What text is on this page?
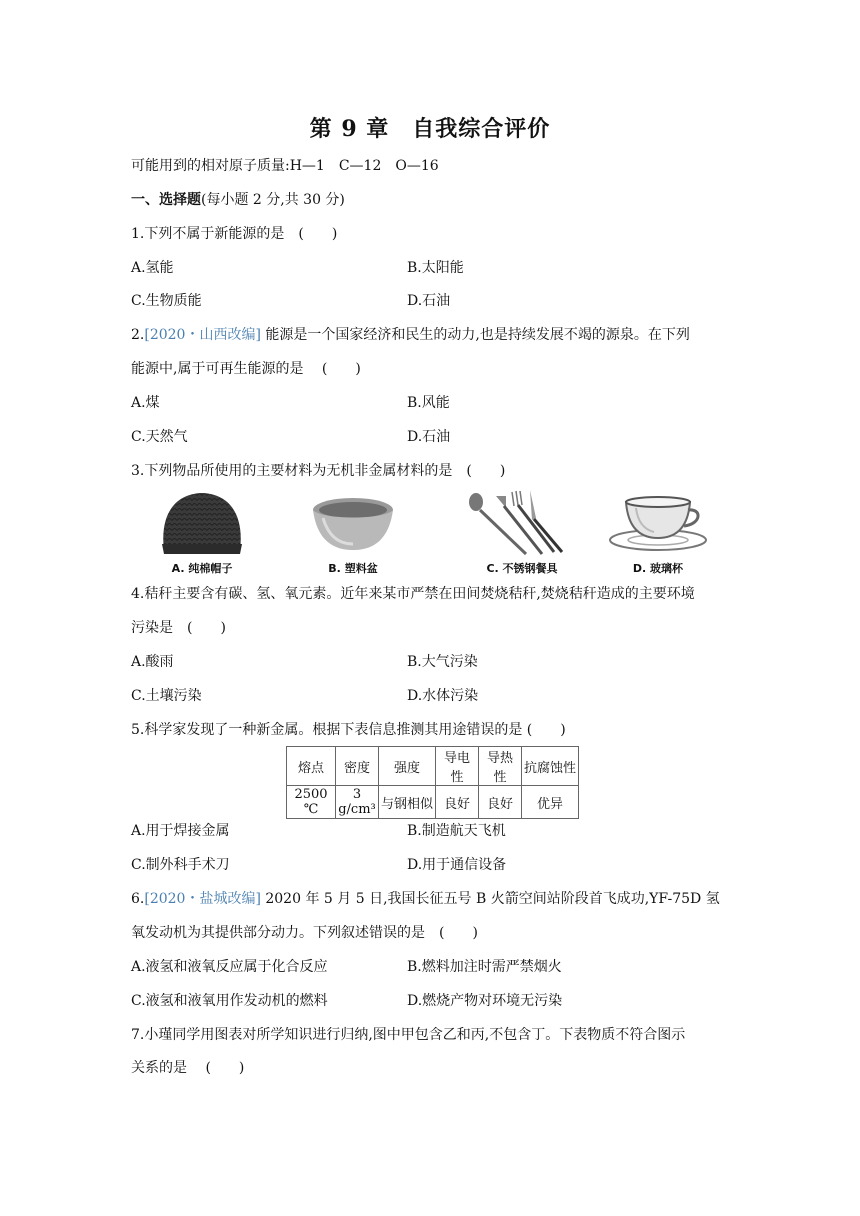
第 9 章　自我综合评价
可能用到的相对原子质量:H—1　C—12　O—16
一、选择题(每小题 2 分,共 30 分)
1.下列不属于新能源的是　(　　)
A.氢能	B.太阳能
C.生物质能	D.石油
2.[2020・山西改编] 能源是一个国家经济和民生的动力,也是持续发展不竭的源泉。在下列
能源中,属于可再生能源的是　 (　　)
A.煤	B.风能
C.天然气	D.石油
3.下列物品所使用的主要材料为无机非金属材料的是　(　　)
A. 纯棉帽子	B. 塑料盆	C. 不锈钢餐具	D. 玻璃杯
4.秸秆主要含有碳、氢、氧元素。近年来某市严禁在田间焚烧秸秆,焚烧秸秆造成的主要环境
污染是　(　　)
A.酸雨	B.大气污染
C.土壤污染	D.水体污染
5.科学家发现了一种新金属。根据下表信息推测其用途错误的是 (　　)
熔点	密度	强度	导电性	导热性	抗腐蚀性
2500 ℃	3 g/cm³	与钢相似	良好	良好	优异
A.用于焊接金属	B.制造航天飞机
C.制外科手术刀	D.用于通信设备
6.[2020・盐城改编] 2020 年 5 月 5 日,我国长征五号 B 火箭空间站阶段首飞成功,YF-75D 氢
氧发动机为其提供部分动力。下列叙述错误的是　(　　)
A.液氢和液氧反应属于化合反应	B.燃料加注时需严禁烟火
C.液氢和液氧用作发动机的燃料	D.燃烧产物对环境无污染
7.小瑾同学用图表对所学知识进行归纳,图中甲包含乙和丙,不包含丁。下表物质不符合图示
关系的是　 (　　)
